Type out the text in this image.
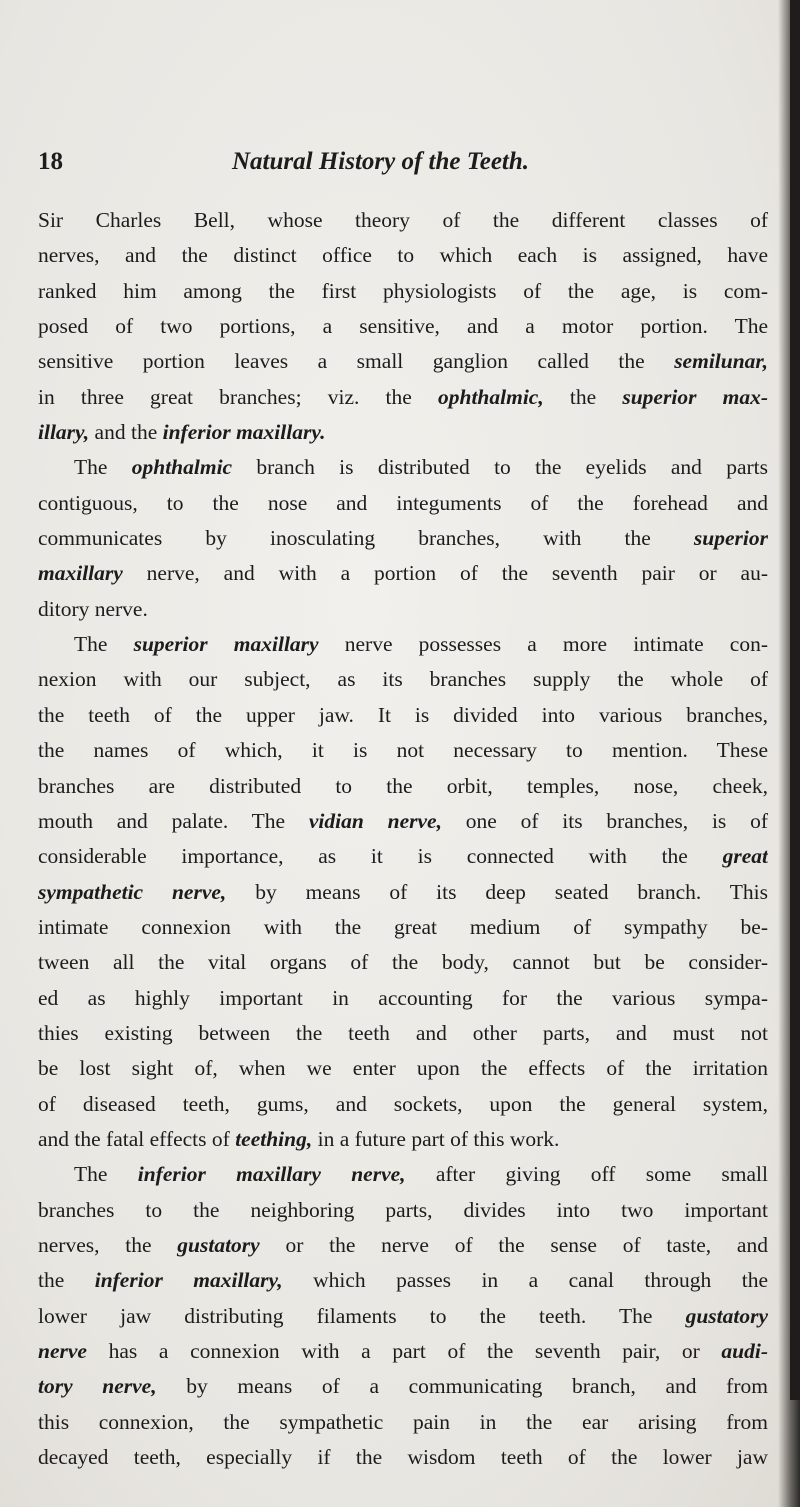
18	Natural History of the Teeth.
Sir Charles Bell, whose theory of the different classes of
nerves, and the distinct office to which each is assigned, have
ranked him among the first physiologists of the age, is com-
posed of two portions, a sensitive, and a motor portion. The
sensitive portion leaves a small ganglion called the semilunar,
in three great branches; viz. the ophthalmic, the superior max-
illary, and the inferior maxillary.
The ophthalmic branch is distributed to the eyelids and parts
contiguous, to the nose and integuments of the forehead and
communicates by inosculating branches, with the superior
maxillary nerve, and with a portion of the seventh pair or au-
ditory nerve.
The superior maxillary nerve possesses a more intimate con-
nexion with our subject, as its branches supply the whole of
the teeth of the upper jaw. It is divided into various branches,
the names of which, it is not necessary to mention. These
branches are distributed to the orbit, temples, nose, cheek,
mouth and palate. The vidian nerve, one of its branches, is of
considerable importance, as it is connected with the great
sympathetic nerve, by means of its deep seated branch. This
intimate connexion with the great medium of sympathy be-
tween all the vital organs of the body, cannot but be consider-
ed as highly important in accounting for the various sympa-
thies existing between the teeth and other parts, and must not
be lost sight of, when we enter upon the effects of the irritation
of diseased teeth, gums, and sockets, upon the general system,
and the fatal effects of teething, in a future part of this work.
The inferior maxillary nerve, after giving off some small
branches to the neighboring parts, divides into two important
nerves, the gustatory or the nerve of the sense of taste, and
the inferior maxillary, which passes in a canal through the
lower jaw distributing filaments to the teeth. The gustatory
nerve has a connexion with a part of the seventh pair, or audi-
tory nerve, by means of a communicating branch, and from
this connexion, the sympathetic pain in the ear arising from
decayed teeth, especially if the wisdom teeth of the lower jaw
